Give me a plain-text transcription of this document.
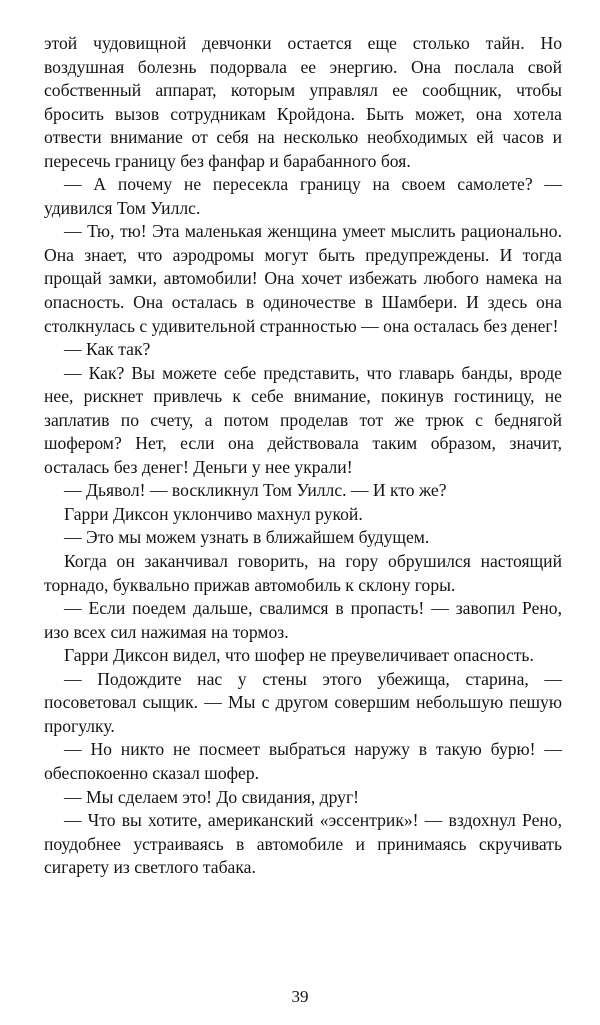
этой чудовищной девчонки остается еще столько тайн. Но воздушная болезнь подорвала ее энергию. Она послала свой собственный аппарат, которым управлял ее сообщник, чтобы бросить вызов сотрудникам Кройдона. Быть может, она хотела отвести внимание от себя на несколько необходимых ей часов и пересечь границу без фанфар и барабанного боя.

— А почему не пересекла границу на своем самолете? — удивился Том Уиллс.

— Тю, тю! Эта маленькая женщина умеет мыслить рационально. Она знает, что аэродромы могут быть предупреждены. И тогда прощай замки, автомобили! Она хочет избежать любого намека на опасность. Она осталась в одиночестве в Шамбери. И здесь она столкнулась с удивительной странностью — она осталась без денег!

— Как так?

— Как? Вы можете себе представить, что главарь банды, вроде нее, рискнет привлечь к себе внимание, покинув гостиницу, не заплатив по счету, а потом проделав тот же трюк с беднягой шофером? Нет, если она действовала таким образом, значит, осталась без денег! Деньги у нее украли!

— Дьявол! — воскликнул Том Уиллс. — И кто же?

Гарри Диксон уклончиво махнул рукой.

— Это мы можем узнать в ближайшем будущем.

Когда он заканчивал говорить, на гору обрушился настоящий торнадо, буквально прижав автомобиль к склону горы.

— Если поедем дальше, свалимся в пропасть! — завопил Рено, изо всех сил нажимая на тормоз.

Гарри Диксон видел, что шофер не преувеличивает опасность.

— Подождите нас у стены этого убежища, старина, — посоветовал сыщик. — Мы с другом совершим небольшую пешую прогулку.

— Но никто не посмеет выбраться наружу в такую бурю! — обеспокоенно сказал шофер.

— Мы сделаем это! До свидания, друг!

— Что вы хотите, американский «эссентрик»! — вздохнул Рено, поудобнее устраиваясь в автомобиле и принимаясь скручивать сигарету из светлого табака.

39
